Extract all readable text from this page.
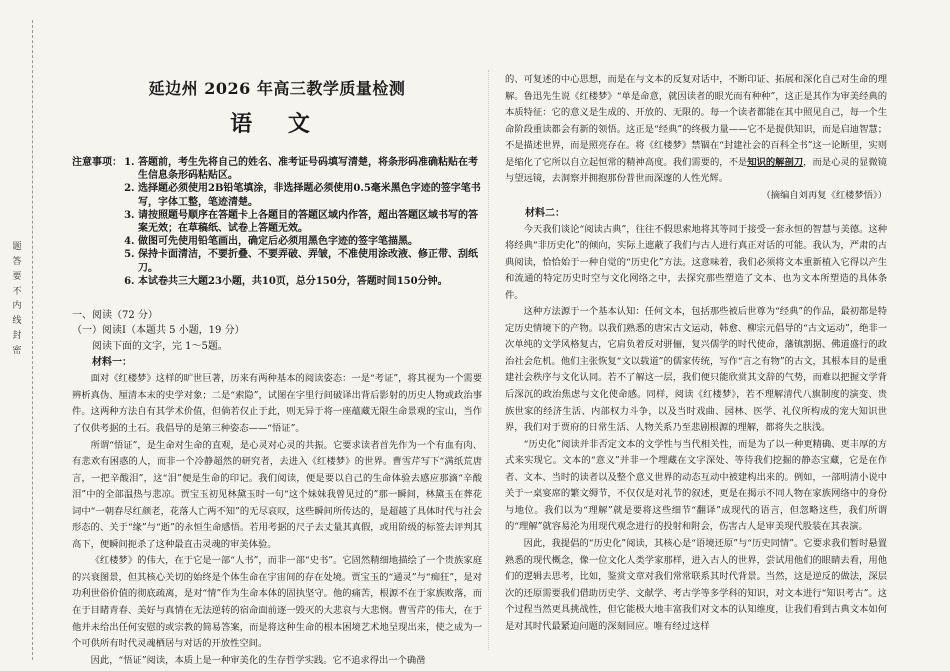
题
答
要
不
内
线
封
密
延边州 2026 年高三教学质量检测
语 文
注意事项：
1.	答题前，考生先将自己的姓名、准考证号码填写清楚，将条形码准确粘贴在考生信息条形码粘贴区。
2. 选择题必须使用2B铅笔填涂，非选择题必须使用0.5毫米黑色字迹的签字笔书写，字体工整，笔迹清楚。
3. 请按照题号顺序在答题卡上各题目的答题区域内作答，超出答题区域书写的答案无效；在草稿纸、试卷上答题无效。
4. 做图可先使用铅笔画出，确定后必须用黑色字迹的签字笔描黑。
5. 保持卡面清洁，不要折叠、不要弄破、弄皱，不准使用涂改液、修正带、刮纸刀。
6. 本试卷共三大题23小题，共10页，总分150分，答题时间150分钟。
一、阅读（72 分）
（一）阅读Ⅰ（本题共 5 小题，19 分）
阅读下面的文字，完 1～5题。
材料一：

面对《红楼梦》这样的旷世巨著，历来有两种基本的阅读姿态：一是“考证”，将其视为一个需要辨析真伪、厘清本末的史学对象；二是“索隐”，试图在字里行间破译出背后影射的历史人物或政治事件。这两种方法自有其学术价值，但倘若仅止于此，则无异于将一座蕴藏无限生命景观的宝山，当作了仅供考据的土石。我倡导的是第三种姿态——“悟证”。

所谓“悟证”，是生命对生命的直观，是心灵对心灵的共振。它要求读者首先作为一个有血有肉、有悲欢有困惑的人，而非一个冷静超然的研究者，去进入《红楼梦》的世界。曹雪芹写下“满纸荒唐言，一把辛酸泪”，这“泪”便是生命的印记。我们阅读，便是要以自己的生命体验去感应那滴“辛酸泪”中的全部温热与悲凉。贾宝玉初见林黛玉时一句“这个妹妹我曾见过的”那一瞬间，林黛玉在葬花词中“一朝春尽红颜老，花落人亡两不知”的无尽哀叹，这些瞬间所传达的，是超越了具体时代与社会形态的、关于“缘”与“逝”的永恒生命感悟。若用考据的尺子去丈量其真假，或用阶级的标签去评判其高下，便瞬间扼杀了这种最直击灵魂的审美体验。

《红楼梦》的伟大，在于它是一部“人书”，而非一部“史书”。它固然精细地描绘了一个贵族家庭的兴衰图景，但其核心关切的始终是个体生命在宇宙间的存在处境。贾宝玉的“通灵”与“痴狂”，是对功利世俗价值的彻底疏离，是对“情”作为生命本体的固执坚守。他的痛苦，根源不在于家族败落，而在于目睹青春、美好与真情在无法逆转的宿命面前逐一毁灭的大悲哀与大悲悯。曹雪芹的伟大，在于他并未给出任何安慰的或宗教的简易答案，而是将这种生命的根本困境艺术地呈现出来，使之成为一个可供所有时代灵魂栖居与对话的开放性空间。

因此，“悟证”阅读，本质上是一种审美化的生存哲学实践。它不追求得出一个确凿

的、可复述的中心思想，而是在与文本的反复对话中，不断印证、拓展和深化自己对生命的理解。鲁迅先生说《红楼梦》“单是命意，就因读者的眼光而有种种”，这正是其作为审美经典的本质特征：它的意义是生成的、开放的、无限的。每一个读者都能在其中照见自己，每一个生命阶段重读都会有新的领悟。这正是“经典”的终极力量——它不是提供知识，而是启迪智慧；不是描述世界，而是照亮存在。将《红楼梦》禁锢在“封建社会的百科全书”这一论断里，实则是缩化了它所以自立起恒常的精神高度。我们需要的，不是知识的解剖刀，而是心灵的显微镜与望远镜，去洞察并拥抱那份普世而深邃的人性光辉。

（摘编自刘再复《红楼梦悟》）
材料二：

今天我们谈论“阅读古典”，往往不假思索地将其等同于接受一套永恒的智慧与美德。这种将经典“非历史化”的倾向，实际上遮蔽了我们与古人进行真正对话的可能。我认为，严肃的古典阅读，恰恰始于一种自觉的“历史化”方法。这意味着，我们必须将文本重新植入它得以产生和流通的特定历史时空与文化网络之中，去探究那些塑造了文本、也为文本所塑造的具体条件。

这种方法源于一个基本认知：任何文本，包括那些被后世尊为“经典”的作品，最初都是特定历史情境下的产物。以我们熟悉的唐宋古文运动，韩愈、柳宗元倡导的“古文运动”，绝非一次单纯的文学风格复古，它肩负着反对骈俪，复兴儒学的时代使命，藩镇割据、佛道盛行的政治社会危机。他们主张恢复“文以载道”的儒家传统，写作“言之有物”的古文，其根本目的是重建社会秩序与文化认同。若不了解这一层，我们便只能欣赏其文辞的气势，而难以把握文学背后深沉的政治焦虑与文化使命感。同样，阅读《红楼梦》，若不理解清代八旗制度的演变、贵族世家的经济生活、内部权力斗争，以及当时戏曲、园林、医学、礼仪所构成的宠大知识世界，我们对于贾府的日常生活、人物关系乃至悲剧根源的理解，都将失之肤浅。

“历史化”阅读并非否定文本的文学性与当代相关性，而是为了以一种更精确、更丰厚的方式来实现它。文本的“意义”并非一个埋藏在文字深处、等待我们挖掘的静态宝藏，它是在作者、文本、当时的读者以及整个意义世界的动态互动中被建构出来的。例如，一部明清小说中关于一桌宴席的繁文缛节，不仅仅是对礼节的叙述，更是在揭示不同人物在家族网络中的身份与地位。我们以为“理解”就是要将这些细节“翻译”成现代的语言，但忽略这些，我们所谓的“理解”就容易沦为用现代观念进行的投射和附会，伤害古人是审美现代股装在其表演。

因此，我提倡的“历史化”阅读，其核心是“语境还原”与“历史同情”。它要求我们暂时悬置熟悉的现代概念，像一位文化人类学家那样，进入古人的世界，尝试用他们的眼睛去看，用他们的逻辑去思考，比如，鉴赏文章对我们常常联系其时代背景。当然，这是逆反的做法，深层次的还原需要我们借助历史学、文献学、考古学等多学科的知识，对文本进行“知识考古”。这个过程当然更具挑战性，但它能极大地丰富我们对文本的认知维度，让我们看到古典文本如何是对其时代最紧迫问题的深刻回应。唯有经过这样
